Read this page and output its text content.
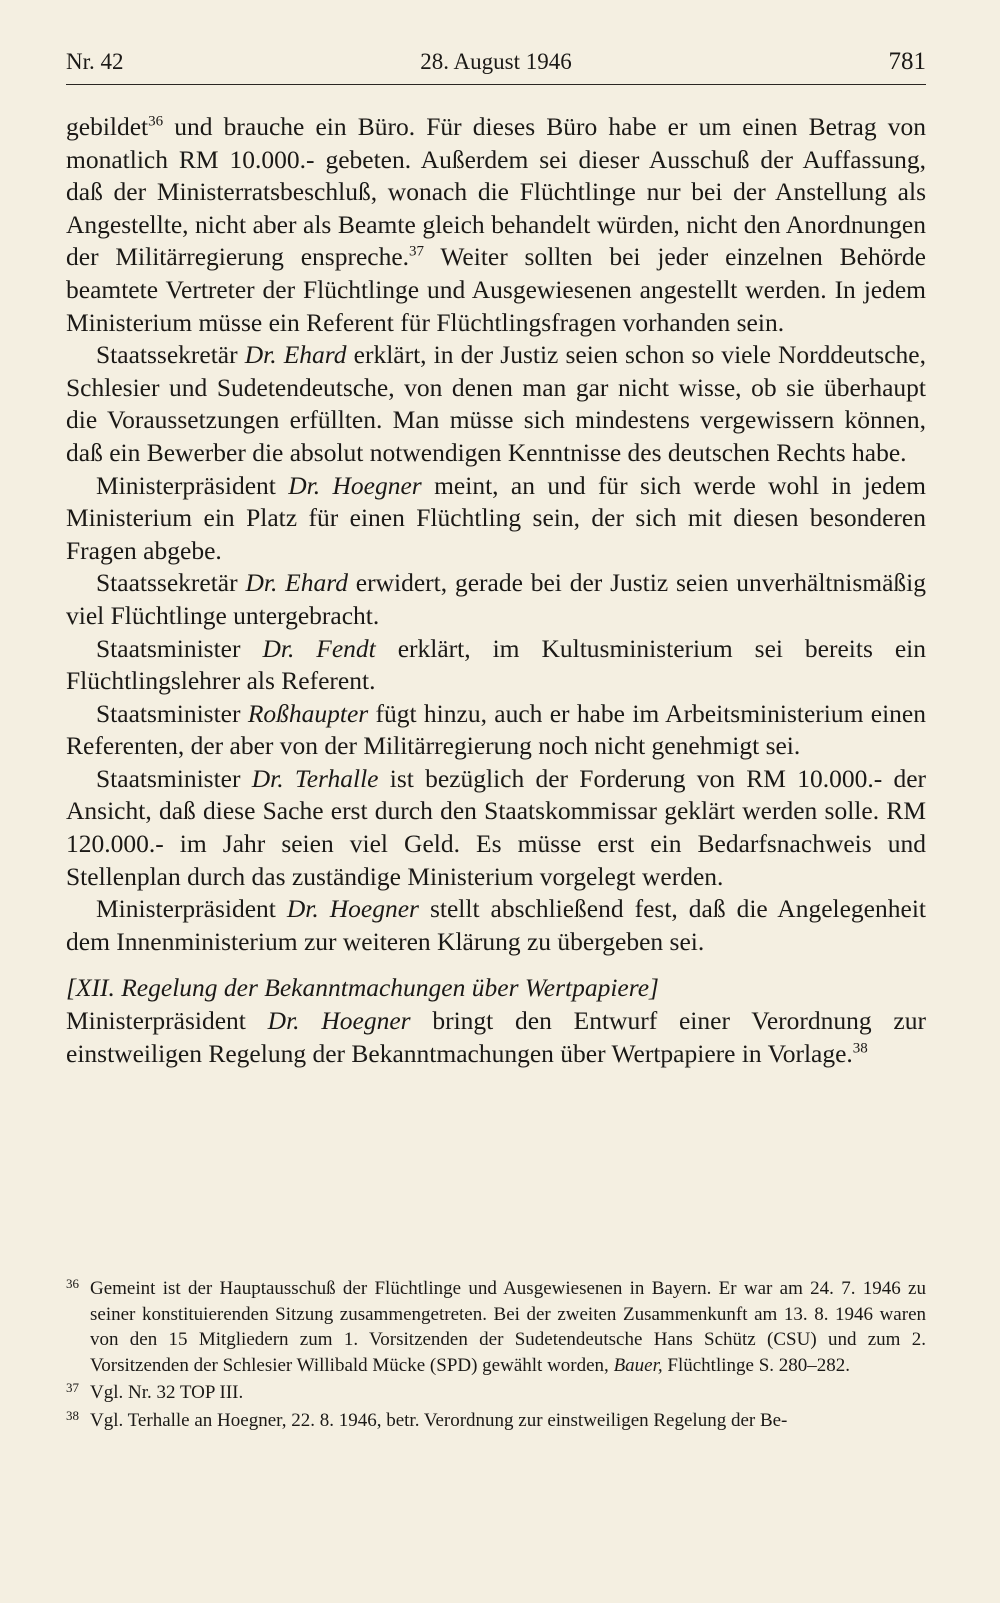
Nr. 42	28. August 1946	781

gebildet$^{36}$ und brauche ein Büro. Für dieses Büro habe er um einen Betrag von monatlich RM 10.000.- gebeten. Außerdem sei dieser Ausschuß der Auffassung, daß der Ministerratsbeschluß, wonach die Flüchtlinge nur bei der Anstellung als Angestellte, nicht aber als Beamte gleich behandelt würden, nicht den Anordnungen der Militärregierung enspreche.$^{37}$ Weiter sollten bei jeder einzelnen Behörde beamtete Vertreter der Flüchtlinge und Ausgewiesenen angestellt werden. In jedem Ministerium müsse ein Referent für Flüchtlingsfragen vorhanden sein.

Staatssekretär Dr. Ehard erklärt, in der Justiz seien schon so viele Norddeutsche, Schlesier und Sudetendeutsche, von denen man gar nicht wisse, ob sie überhaupt die Voraussetzungen erfüllten. Man müsse sich mindestens vergewissern können, daß ein Bewerber die absolut notwendigen Kenntnisse des deutschen Rechts habe.

Ministerpräsident Dr. Hoegner meint, an und für sich werde wohl in jedem Ministerium ein Platz für einen Flüchtling sein, der sich mit diesen besonderen Fragen abgebe.

Staatssekretär Dr. Ehard erwidert, gerade bei der Justiz seien unverhältnismäßig viel Flüchtlinge untergebracht.

Staatsminister Dr. Fendt erklärt, im Kultusministerium sei bereits ein Flüchtlingslehrer als Referent.

Staatsminister Roßhaupter fügt hinzu, auch er habe im Arbeitsministerium einen Referenten, der aber von der Militärregierung noch nicht genehmigt sei.

Staatsminister Dr. Terhalle ist bezüglich der Forderung von RM 10.000.- der Ansicht, daß diese Sache erst durch den Staatskommissar geklärt werden solle. RM 120.000.- im Jahr seien viel Geld. Es müsse erst ein Bedarfsnachweis und Stellenplan durch das zuständige Ministerium vorgelegt werden.

Ministerpräsident Dr. Hoegner stellt abschließend fest, daß die Angelegenheit dem Innenministerium zur weiteren Klärung zu übergeben sei.

[XII. Regelung der Bekanntmachungen über Wertpapiere]

Ministerpräsident Dr. Hoegner bringt den Entwurf einer Verordnung zur einstweiligen Regelung der Bekanntmachungen über Wertpapiere in Vorlage.$^{38}$

36 Gemeint ist der Hauptausschuß der Flüchtlinge und Ausgewiesenen in Bayern. Er war am 24. 7. 1946 zu seiner konstituierenden Sitzung zusammengetreten. Bei der zweiten Zusammenkunft am 13. 8. 1946 waren von den 15 Mitgliedern zum 1. Vorsitzenden der Sudetendeutsche Hans Schütz (CSU) und zum 2. Vorsitzenden der Schlesier Willibald Mücke (SPD) gewählt worden, Bauer, Flüchtlinge S. 280–282.
37 Vgl. Nr. 32 TOP III.
38 Vgl. Terhalle an Hoegner, 22. 8. 1946, betr. Verordnung zur einstweiligen Regelung der Be-
